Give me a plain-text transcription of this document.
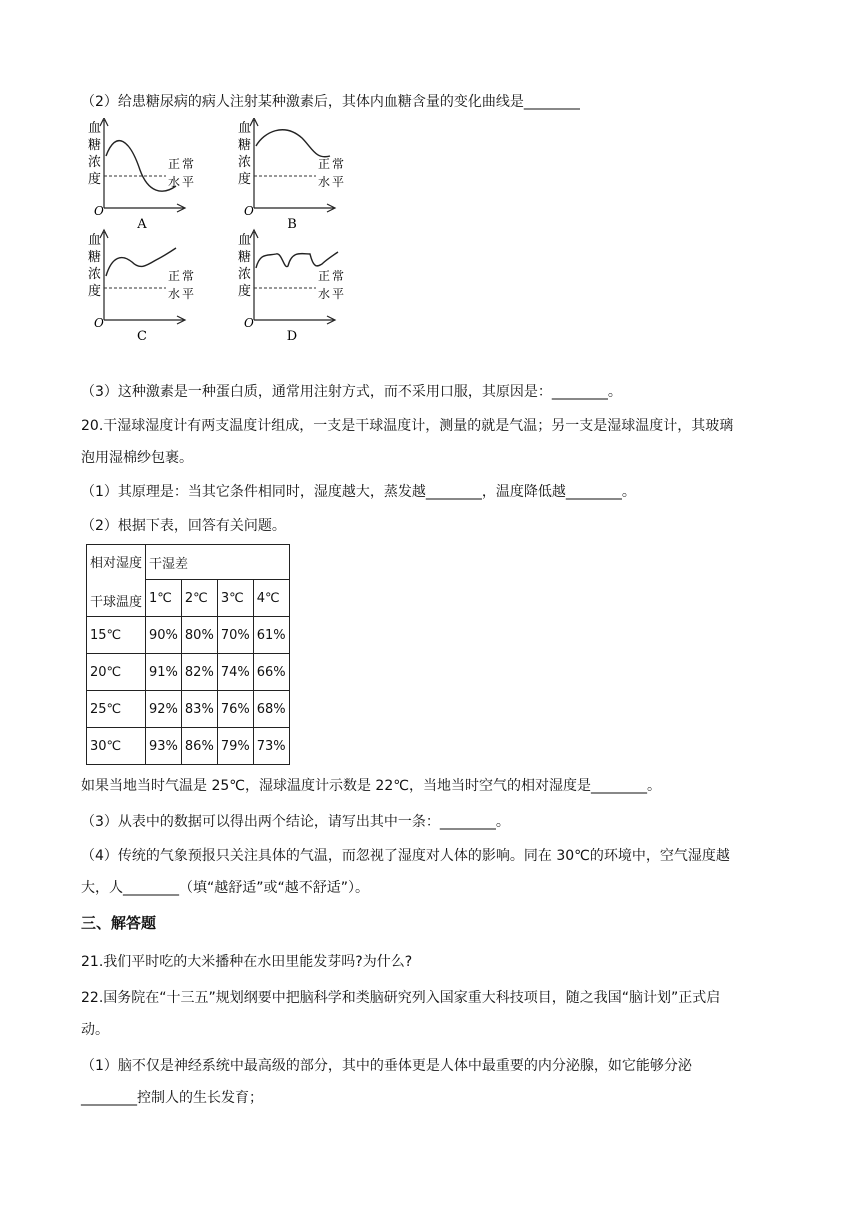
（2）给患糖尿病的病人注射某种激素后，其体内血糖含量的变化曲线是________
血
糖
浓
度
O
正 常
水 平
A
血
糖
浓
度
O
正 常
水 平
B
血
糖
浓
度
O
正 常
水 平
C
血
糖
浓
度
O
正 常
水 平
D
（3）这种激素是一种蛋白质，通常用注射方式，而不采用口服，其原因是：________。
20.干湿球湿度计有两支温度计组成，一支是干球温度计，测量的就是气温；另一支是湿球温度计，其玻璃
泡用湿棉纱包裹。
（1）其原理是：当其它条件相同时，湿度越大，蒸发越________，温度降低越________。
（2）根据下表，回答有关问题。
相对湿度
干球温度	干湿差			
	1℃	2℃	3℃	4℃
15℃	90%	80%	70%	61%
20℃	91%	82%	74%	66%
25℃	92%	83%	76%	68%
30℃	93%	86%	79%	73%
如果当地当时气温是 25℃，湿球温度计示数是 22℃，当地当时空气的相对湿度是________。
（3）从表中的数据可以得出两个结论，请写出其中一条：________。
（4）传统的气象预报只关注具体的气温，而忽视了湿度对人体的影响。同在 30℃的环境中，空气湿度越
大，人________（填“越舒适”或“越不舒适”）。
三、解答题
21.我们平时吃的大米播种在水田里能发芽吗?为什么?
22.国务院在“十三五”规划纲要中把脑科学和类脑研究列入国家重大科技项目，随之我国“脑计划”正式启
动。
（1）脑不仅是神经系统中最高级的部分，其中的垂体更是人体中最重要的内分泌腺，如它能够分泌
________控制人的生长发育；
